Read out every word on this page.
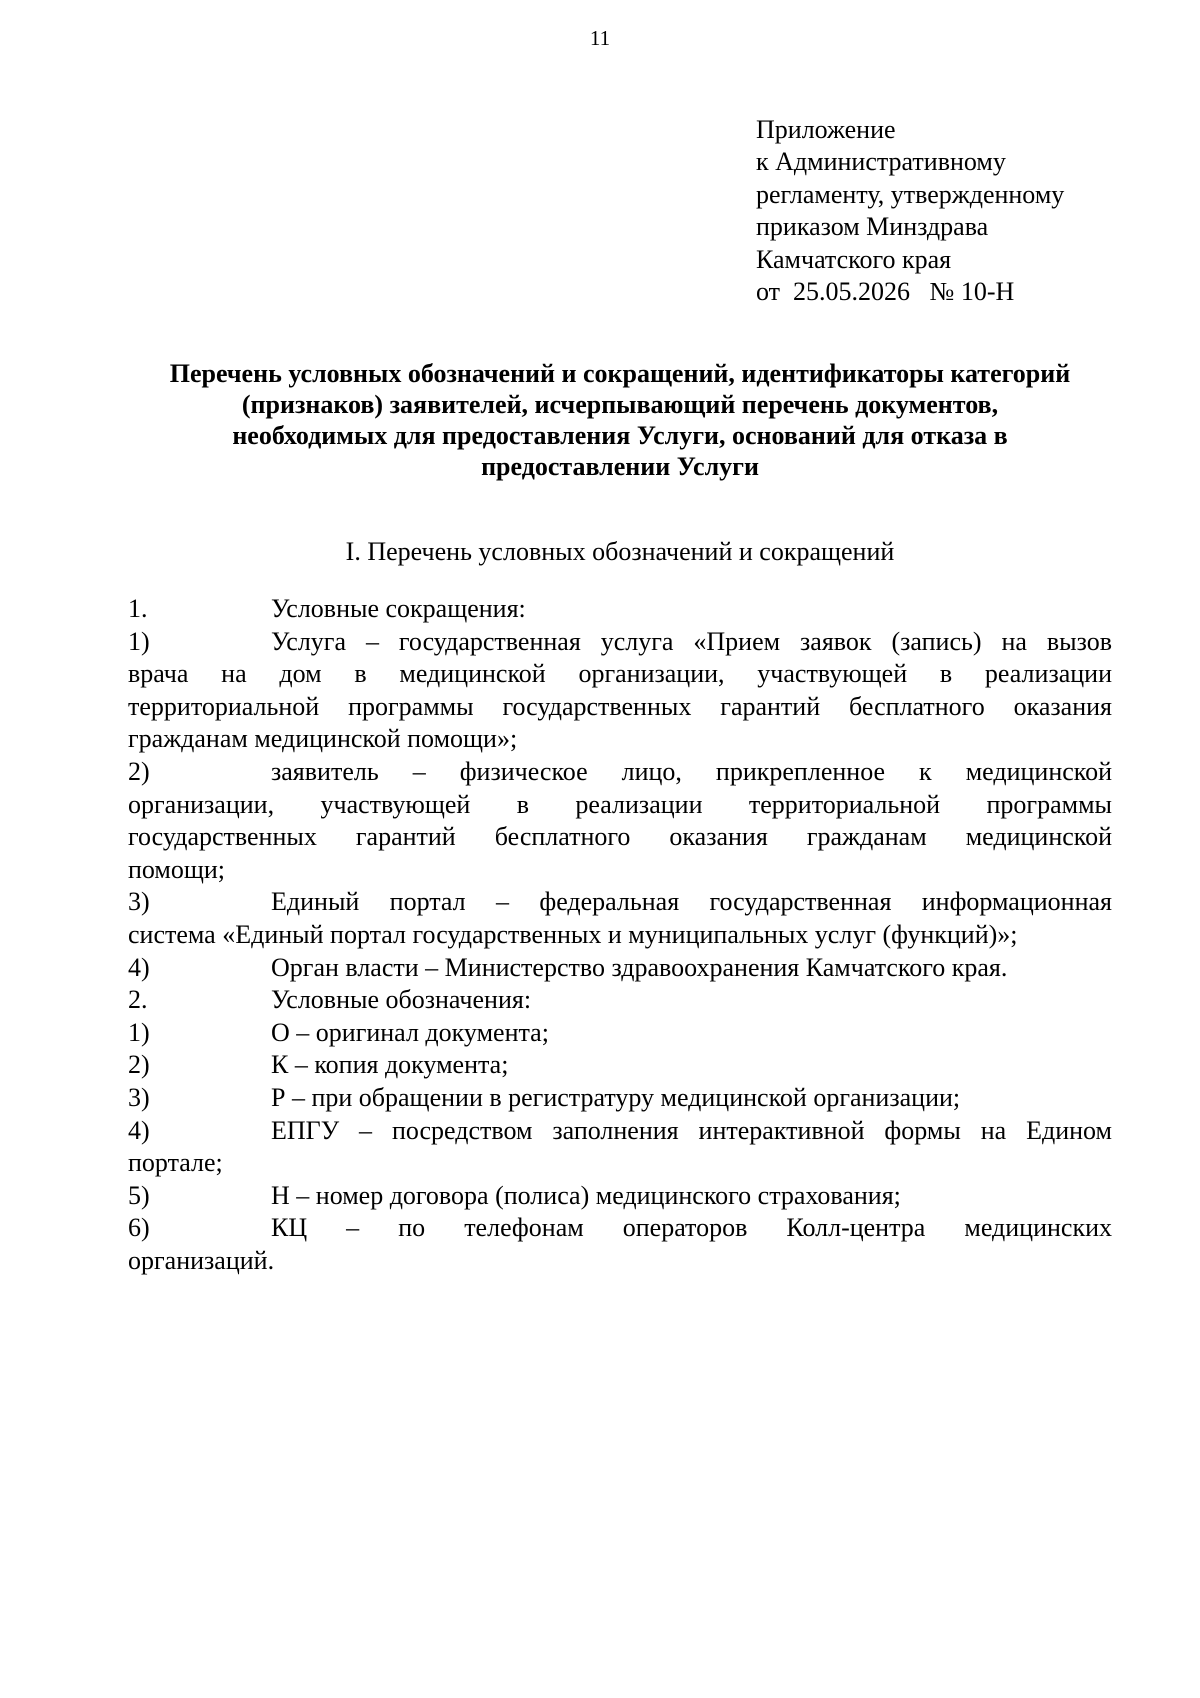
11
Приложение
к Административному
регламенту, утвержденному
приказом Минздрава
Камчатского края
от  25.05.2026   № 10-Н
Перечень условных обозначений и сокращений, идентификаторы категорий
(признаков) заявителей, исчерпывающий перечень документов,
необходимых для предоставления Услуги, оснований для отказа в
предоставлении Услуги
I. Перечень условных обозначений и сокращений
1.	Условные сокращения:
1)	Услуга – государственная услуга «Прием заявок (запись) на вызов
врача на дом в медицинской организации, участвующей в реализации
территориальной программы государственных гарантий бесплатного оказания
гражданам медицинской помощи»;
2)	заявитель – физическое лицо, прикрепленное к медицинской
организации, участвующей в реализации территориальной программы
государственных гарантий бесплатного оказания гражданам медицинской
помощи;
3)	Единый портал – федеральная государственная информационная
система «Единый портал государственных и муниципальных услуг (функций)»;
4)	Орган власти – Министерство здравоохранения Камчатского края.
2.	Условные обозначения:
1)	О – оригинал документа;
2)	К – копия документа;
3)	Р – при обращении в регистратуру медицинской организации;
4)	ЕПГУ – посредством заполнения интерактивной формы на Едином
портале;
5)	Н – номер договора (полиса) медицинского страхования;
6)	КЦ – по телефонам операторов Колл-центра медицинских
организаций.
